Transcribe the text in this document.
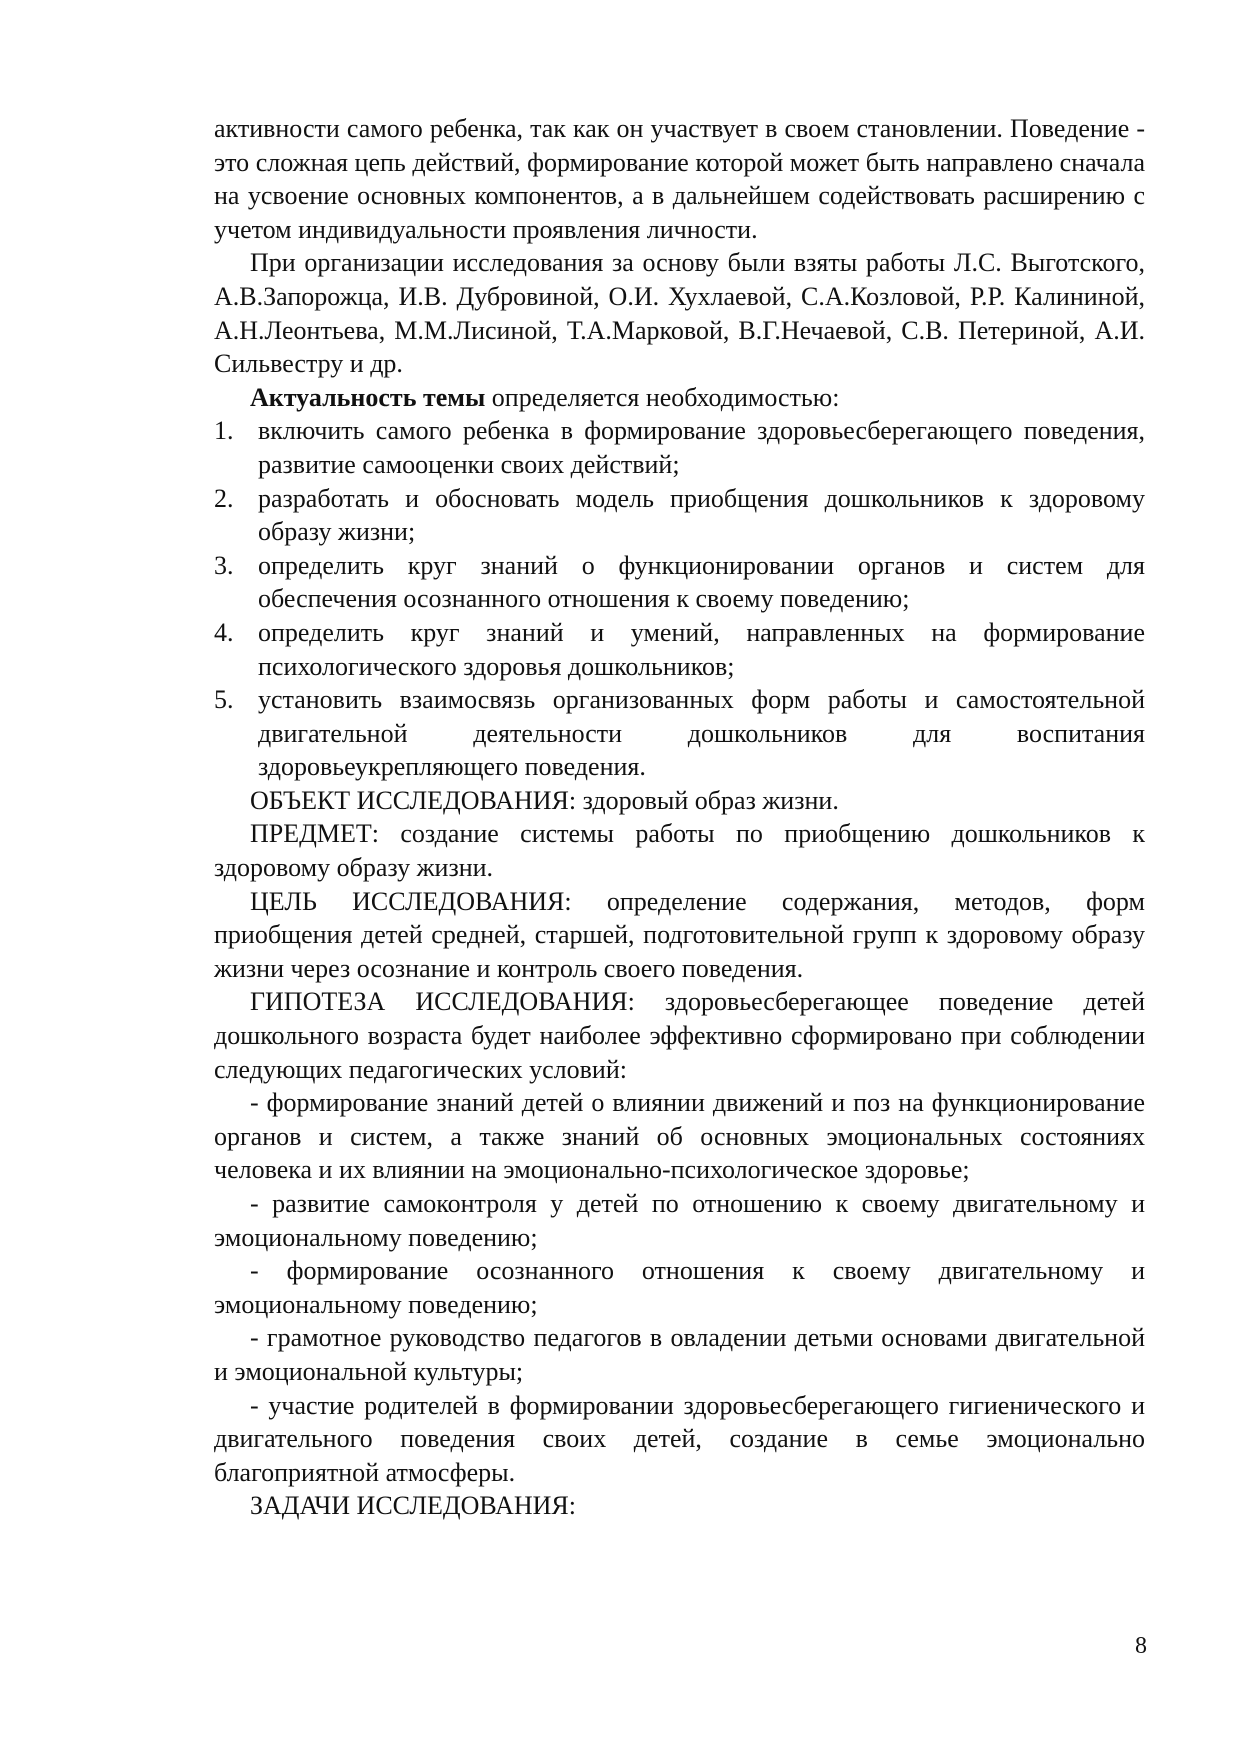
активности самого ребенка, так как он участвует в своем становлении. Поведение - это сложная цепь действий, формирование которой может быть направлено сначала на усвоение основных компонентов, а в дальнейшем содействовать расширению с учетом индивидуальности проявления личности.

При организации исследования за основу были взяты работы Л.С. Выготского, А.В.Запорожца, И.В. Дубровиной, О.И. Хухлаевой, С.А.Козловой, Р.Р. Калининой, А.Н.Леонтьева, М.М.Лисиной, Т.А.Марковой, В.Г.Нечаевой, С.В. Петериной, А.И. Сильвестру и др.

Актуальность темы определяется необходимостью:

1. включить самого ребенка в формирование здоровьесберегающего поведения, развитие самооценки своих действий;
2. разработать и обосновать модель приобщения дошкольников к здоровому образу жизни;
3. определить круг знаний о функционировании органов и систем для обеспечения осознанного отношения к своему поведению;
4. определить круг знаний и умений, направленных на формирование психологического здоровья дошкольников;
5. установить взаимосвязь организованных форм работы и самостоятельной двигательной деятельности дошкольников для воспитания здоровьеукрепляющего поведения.

ОБЪЕКТ ИССЛЕДОВАНИЯ: здоровый образ жизни.

ПРЕДМЕТ: создание системы работы по приобщению дошкольников к здоровому образу жизни.

ЦЕЛЬ ИССЛЕДОВАНИЯ: определение содержания, методов, форм приобщения детей средней, старшей, подготовительной групп к здоровому образу жизни через осознание и контроль своего поведения.

ГИПОТЕЗА ИССЛЕДОВАНИЯ: здоровьесберегающее поведение детей дошкольного возраста будет наиболее эффективно сформировано при соблюдении следующих педагогических условий:

- формирование знаний детей о влиянии движений и поз на функционирование органов и систем, а также знаний об основных эмоциональных состояниях человека и их влиянии на эмоционально-психологическое здоровье;

- развитие самоконтроля у детей по отношению к своему двигательному и эмоциональному поведению;

- формирование осознанного отношения к своему двигательному и эмоциональному поведению;

- грамотное руководство педагогов в овладении детьми основами двигательной и эмоциональной культуры;

- участие родителей в формировании здоровьесберегающего гигиенического и двигательного поведения своих детей, создание в семье эмоционально благоприятной атмосферы.

ЗАДАЧИ ИССЛЕДОВАНИЯ:

8
